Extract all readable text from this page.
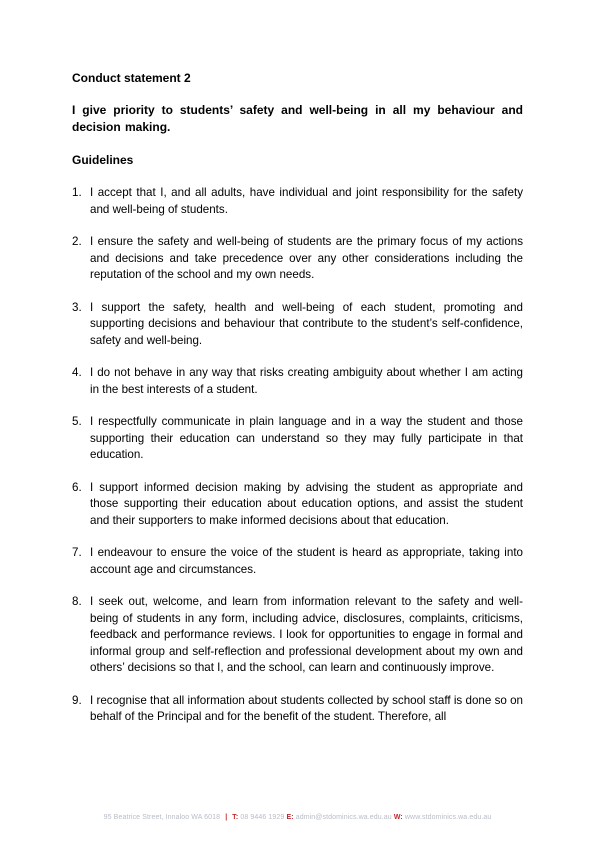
Conduct statement 2

I give priority to students’ safety and well-being in all my behaviour and decision making.

Guidelines

1. I accept that I, and all adults, have individual and joint responsibility for the safety and well-being of students.
2. I ensure the safety and well-being of students are the primary focus of my actions and decisions and take precedence over any other considerations including the reputation of the school and my own needs.
3. I support the safety, health and well-being of each student, promoting and supporting decisions and behaviour that contribute to the student’s self-confidence, safety and well-being.
4. I do not behave in any way that risks creating ambiguity about whether I am acting in the best interests of a student.
5. I respectfully communicate in plain language and in a way the student and those supporting their education can understand so they may fully participate in that education.
6. I support informed decision making by advising the student as appropriate and those supporting their education about education options, and assist the student and their supporters to make informed decisions about that education.
7. I endeavour to ensure the voice of the student is heard as appropriate, taking into account age and circumstances.
8. I seek out, welcome, and learn from information relevant to the safety and well-being of students in any form, including advice, disclosures, complaints, criticisms, feedback and performance reviews. I look for opportunities to engage in formal and informal group and self-reflection and professional development about my own and others’ decisions so that I, and the school, can learn and continuously improve.
9. I recognise that all information about students collected by school staff is done so on behalf of the Principal and for the benefit of the student. Therefore, all
95 Beatrice Street, Innaloo WA 6018 | T: 08 9446 1929 E: admin@stdominics.wa.edu.au W: www.stdominics.wa.edu.au
